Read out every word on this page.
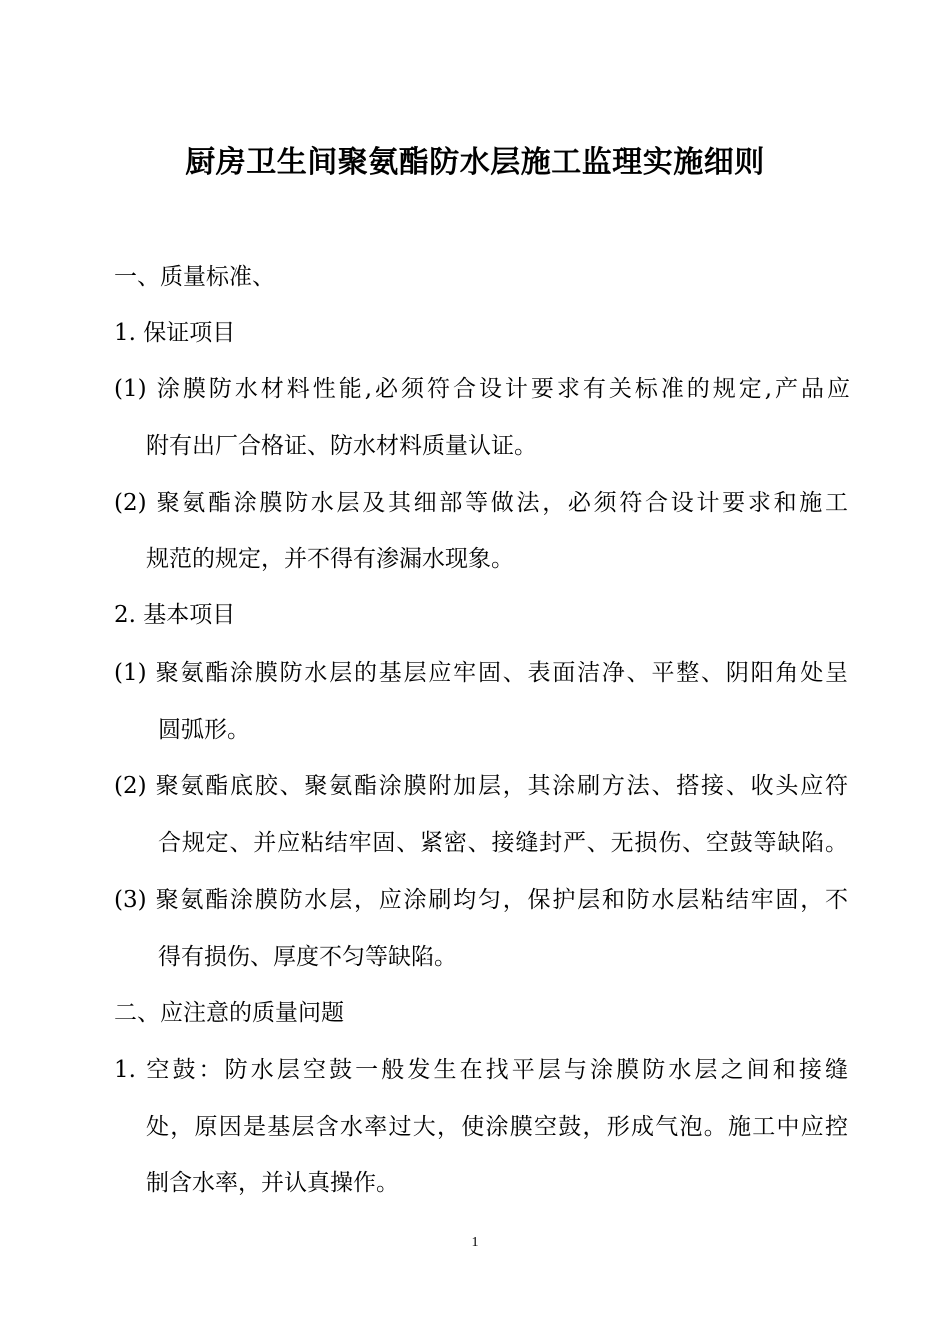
厨房卫生间聚氨酯防水层施工监理实施细则
一、质量标准、
1. 保证项目
(1) 涂膜防水材料性能,必须符合设计要求有关标准的规定,产品应
附有出厂合格证、防水材料质量认证。
(2) 聚氨酯涂膜防水层及其细部等做法，必须符合设计要求和施工
规范的规定，并不得有渗漏水现象。
2. 基本项目
(1) 聚氨酯涂膜防水层的基层应牢固、表面洁净、平整、阴阳角处呈
圆弧形。
(2) 聚氨酯底胶、聚氨酯涂膜附加层，其涂刷方法、搭接、收头应符
合规定、并应粘结牢固、紧密、接缝封严、无损伤、空鼓等缺陷。
(3) 聚氨酯涂膜防水层，应涂刷均匀，保护层和防水层粘结牢固，不
得有损伤、厚度不匀等缺陷。
二、应注意的质量问题
1. 空鼓：防水层空鼓一般发生在找平层与涂膜防水层之间和接缝
处，原因是基层含水率过大，使涂膜空鼓，形成气泡。施工中应控
制含水率，并认真操作。
1
